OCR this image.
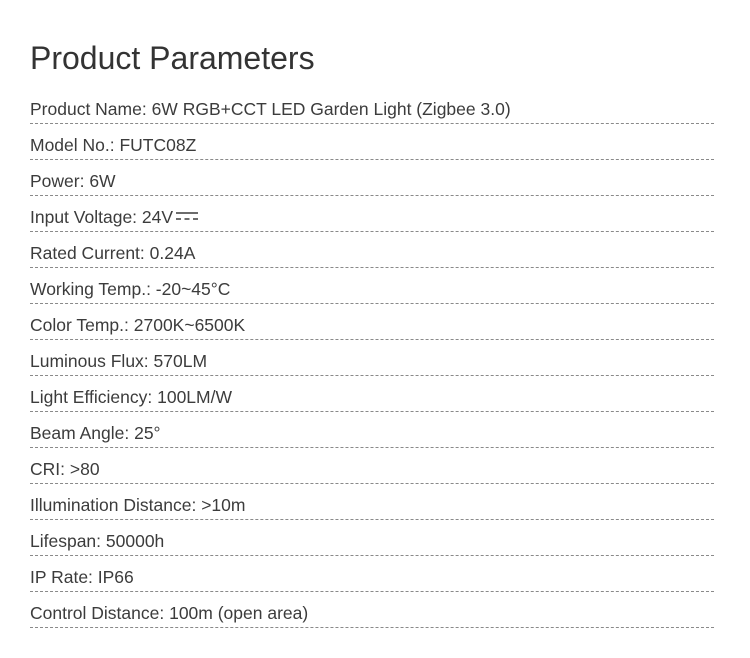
Product Parameters
Product Name: 6W RGB+CCT LED Garden Light (Zigbee 3.0)
Model No.: FUTC08Z
Power: 6W
Input Voltage: 24V
Rated Current: 0.24A
Working Temp.: -20~45°C
Color Temp.: 2700K~6500K
Luminous Flux: 570LM
Light Efficiency: 100LM/W
Beam Angle: 25°
CRI: >80
Illumination Distance: >10m
Lifespan: 50000h
IP Rate: IP66
Control Distance: 100m (open area)
